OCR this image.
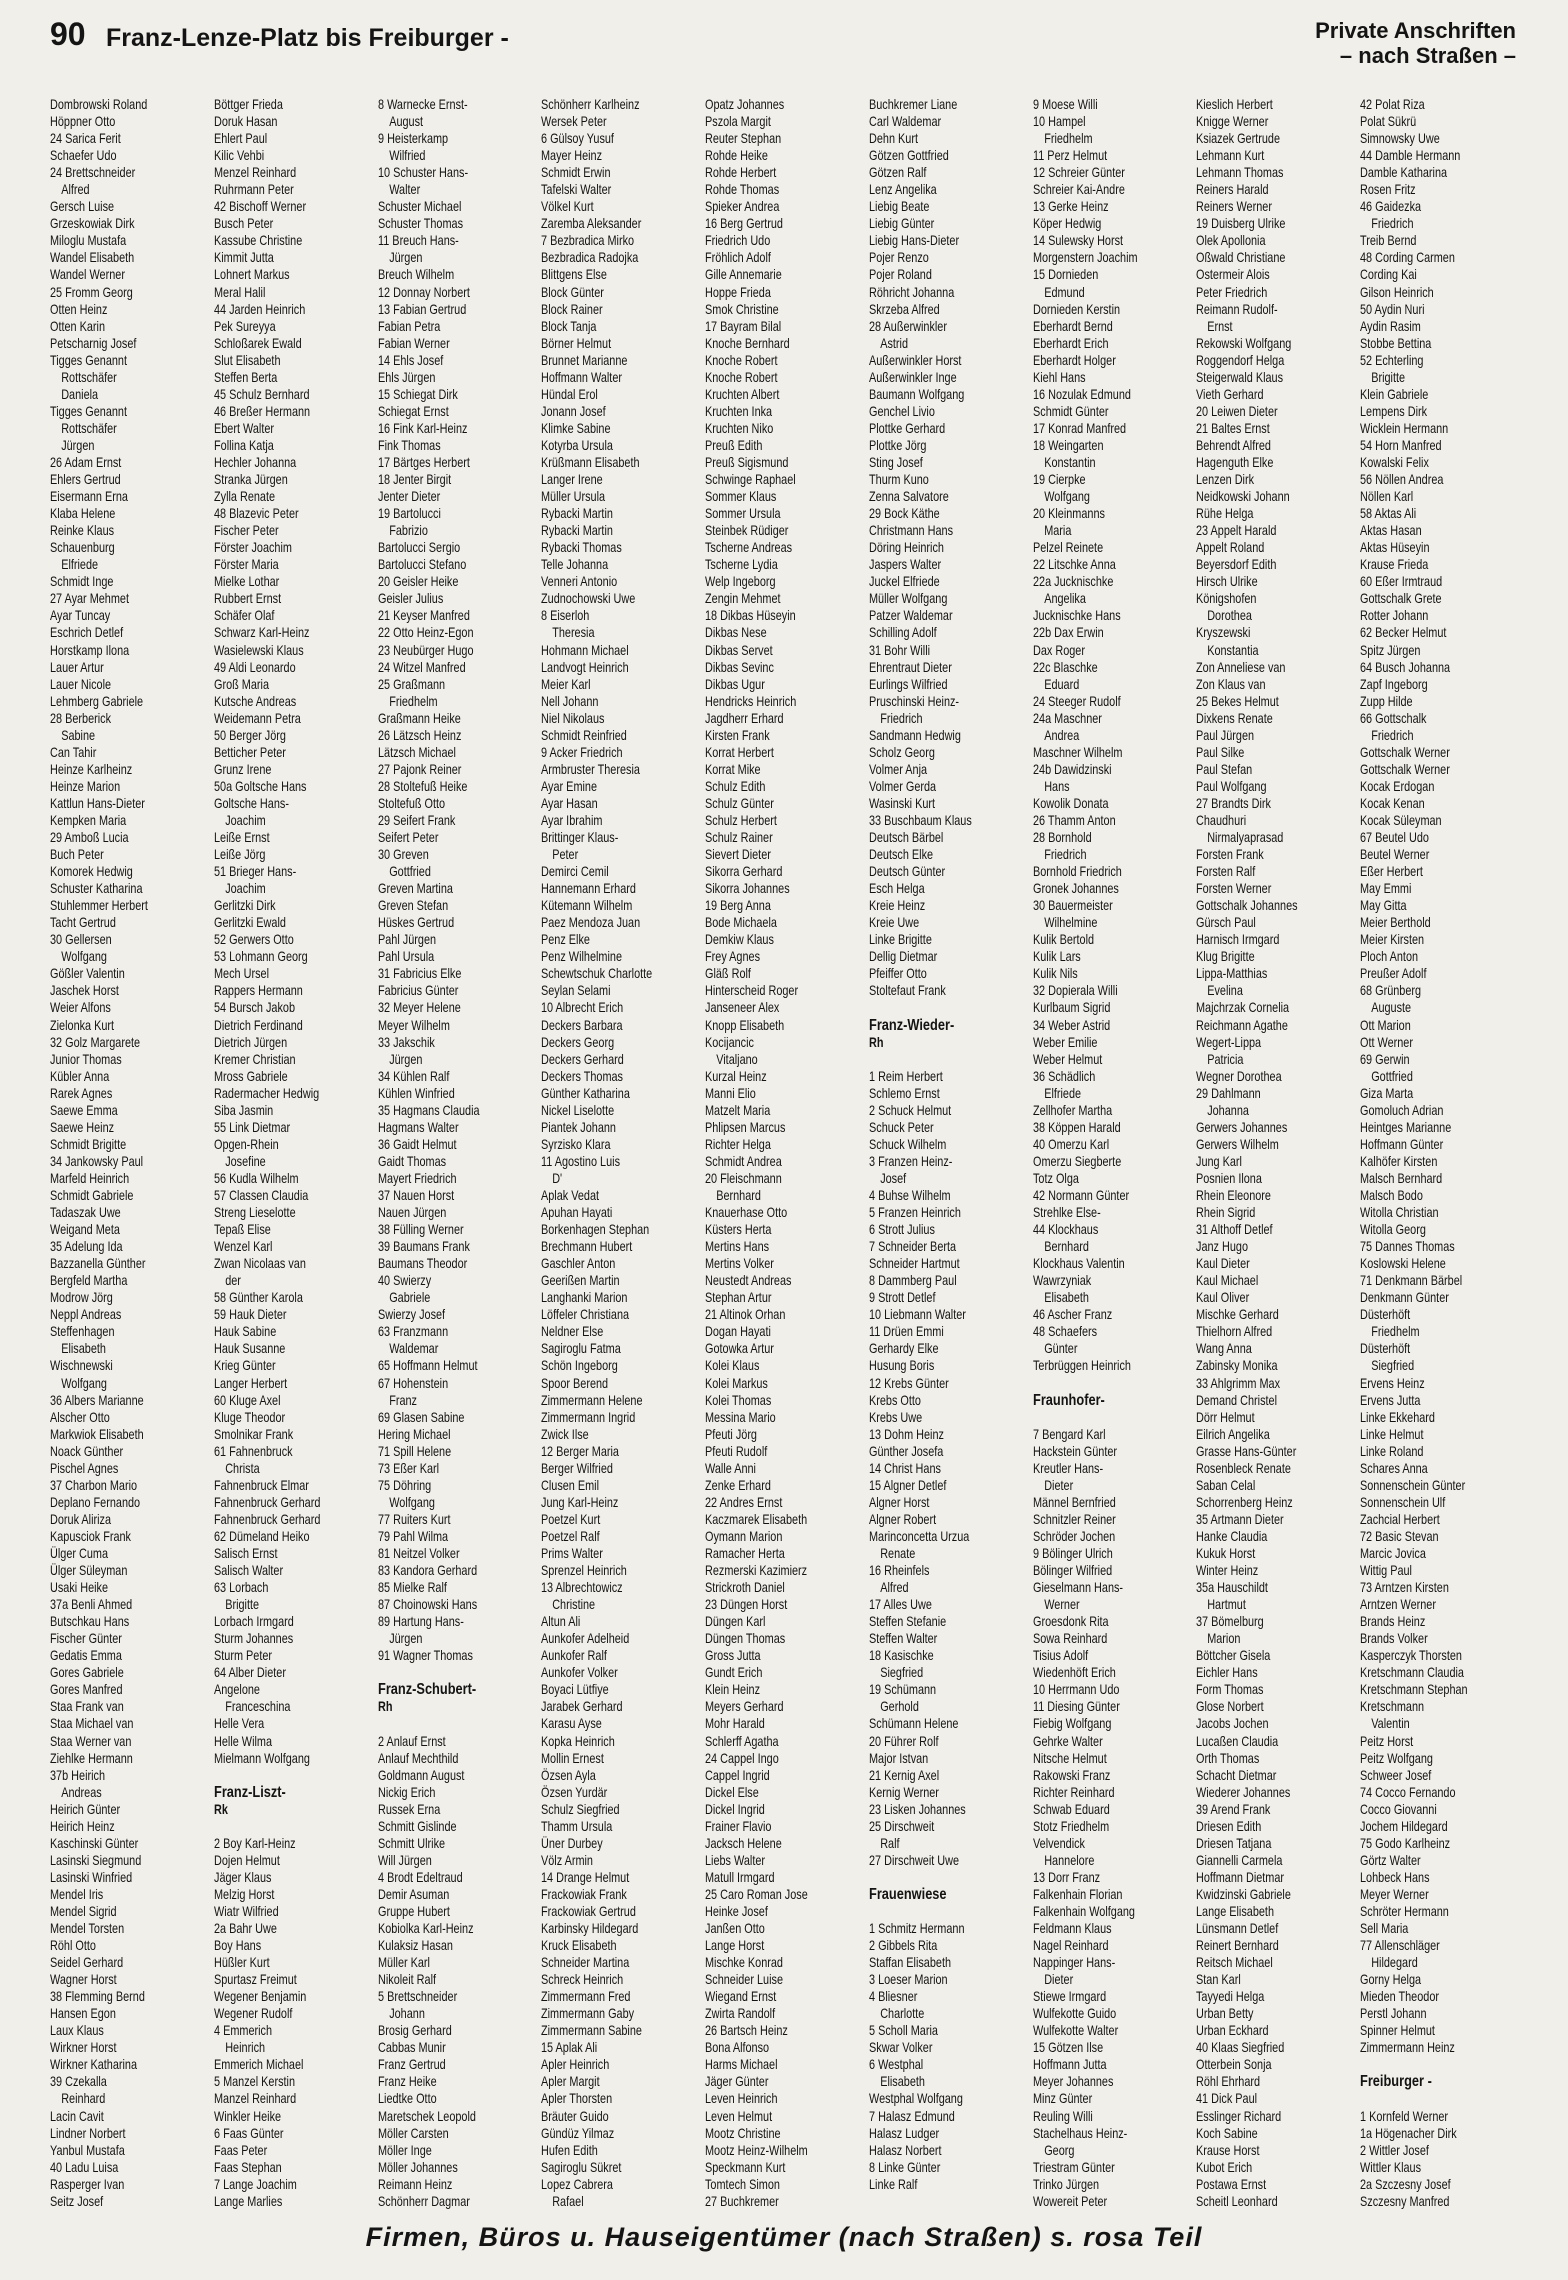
90 Franz-Lenze-Platz bis Freiburger -	Private Anschriften
– nach Straßen –
Dombrowski Roland
Höppner Otto
24 Sarica Ferit
Schaefer Udo
24 Brettschneider
Alfred
Gersch Luise
Grzeskowiak Dirk
Miloglu Mustafa
Wandel Elisabeth
Wandel Werner
25 Fromm Georg
Otten Heinz
Otten Karin
Petscharnig Josef
Tigges Genannt
Rottschäfer
Daniela
Tigges Genannt
Rottschäfer
Jürgen
26 Adam Ernst
Ehlers Gertrud
Eisermann Erna
Klaba Helene
Reinke Klaus
Schauenburg
Elfriede
Schmidt Inge
27 Ayar Mehmet
Ayar Tuncay
Eschrich Detlef
Horstkamp Ilona
Lauer Artur
Lauer Nicole
Lehmberg Gabriele
28 Berberick
Sabine
Can Tahir
Heinze Karlheinz
Heinze Marion
Kattlun Hans-Dieter
Kempken Maria
29 Amboß Lucia
Buch Peter
Komorek Hedwig
Schuster Katharina
Stuhlemmer Herbert
Tacht Gertrud
30 Gellersen
Wolfgang
Gößler Valentin
Jaschek Horst
Weier Alfons
Zielonka Kurt
32 Golz Margarete
Junior Thomas
Kübler Anna
Rarek Agnes
Saewe Emma
Saewe Heinz
Schmidt Brigitte
34 Jankowsky Paul
Marfeld Heinrich
Schmidt Gabriele
Tadaszak Uwe
Weigand Meta
35 Adelung Ida
Bazzanella Günther
Bergfeld Martha
Modrow Jörg
Neppl Andreas
Steffenhagen
Elisabeth
Wischnewski
Wolfgang
36 Albers Marianne
Alscher Otto
Markwiok Elisabeth
Noack Günther
Pischel Agnes
37 Charbon Mario
Deplano Fernando
Doruk Aliriza
Kapusciok Frank
Ülger Cuma
Ülger Süleyman
Usaki Heike
37a Benli Ahmed
Butschkau Hans
Fischer Günter
Gedatis Emma
Gores Gabriele
Gores Manfred
Staa Frank van
Staa Michael van
Staa Werner van
Ziehlke Hermann
37b Heirich
Andreas
Heirich Günter
Heirich Heinz
Kaschinski Günter
Lasinski Siegmund
Lasinski Winfried
Mendel Iris
Mendel Sigrid
Mendel Torsten
Röhl Otto
Seidel Gerhard
Wagner Horst
38 Flemming Bernd
Hansen Egon
Laux Klaus
Wirkner Horst
Wirkner Katharina
39 Czekalla
Reinhard
Lacin Cavit
Lindner Norbert
Yanbul Mustafa
40 Ladu Luisa
Rasperger Ivan
Seitz Josef
Böttger Frieda
Doruk Hasan
Ehlert Paul
Kilic Vehbi
Menzel Reinhard
Ruhrmann Peter
42 Bischoff Werner
Busch Peter
Kassube Christine
Kimmit Jutta
Lohnert Markus
Meral Halil
44 Jarden Heinrich
Pek Sureyya
Schloßarek Ewald
Slut Elisabeth
Steffen Berta
45 Schulz Bernhard
46 Breßer Hermann
Ebert Walter
Follina Katja
Hechler Johanna
Stranka Jürgen
Zylla Renate
48 Blazevic Peter
Fischer Peter
Förster Joachim
Förster Maria
Mielke Lothar
Rubbert Ernst
Schäfer Olaf
Schwarz Karl-Heinz
Wasielewski Klaus
49 Aldi Leonardo
Groß Maria
Kutsche Andreas
Weidemann Petra
50 Berger Jörg
Betticher Peter
Grunz Irene
50a Goltsche Hans
Goltsche Hans-
Joachim
Leiße Ernst
Leiße Jörg
51 Brieger Hans-
Joachim
Gerlitzki Dirk
Gerlitzki Ewald
52 Gerwers Otto
53 Lohmann Georg
Mech Ursel
Rappers Hermann
54 Bursch Jakob
Dietrich Ferdinand
Dietrich Jürgen
Kremer Christian
Mross Gabriele
Radermacher Hedwig
Siba Jasmin
55 Link Dietmar
Opgen-Rhein
Josefine
56 Kudla Wilhelm
57 Classen Claudia
Streng Lieselotte
Tepaß Elise
Wenzel Karl
Zwan Nicolaas van
der
58 Günther Karola
59 Hauk Dieter
Hauk Sabine
Hauk Susanne
Krieg Günter
Langer Herbert
60 Kluge Axel
Kluge Theodor
Smolnikar Frank
61 Fahnenbruck
Christa
Fahnenbruck Elmar
Fahnenbruck Gerhard
Fahnenbruck Gerhard
62 Dümeland Heiko
Salisch Ernst
Salisch Walter
63 Lorbach
Brigitte
Lorbach Irmgard
Sturm Johannes
Sturm Peter
64 Alber Dieter
Angelone
Franceschina
Helle Vera
Helle Wilma
Mielmann Wolfgang
Franz-Liszt-
Rk
2 Boy Karl-Heinz
Dojen Helmut
Jäger Klaus
Melzig Horst
Wiatr Wilfried
2a Bahr Uwe
Boy Hans
Hüßler Kurt
Spurtasz Freimut
Wegener Benjamin
Wegener Rudolf
4 Emmerich
Heinrich
Emmerich Michael
5 Manzel Kerstin
Manzel Reinhard
Winkler Heike
6 Faas Günter
Faas Peter
Faas Stephan
7 Lange Joachim
Lange Marlies
8 Warnecke Ernst-
August
9 Heisterkamp
Wilfried
10 Schuster Hans-
Walter
Schuster Michael
Schuster Thomas
11 Breuch Hans-
Jürgen
Breuch Wilhelm
12 Donnay Norbert
13 Fabian Gertrud
Fabian Petra
Fabian Werner
14 Ehls Josef
Ehls Jürgen
15 Schiegat Dirk
Schiegat Ernst
16 Fink Karl-Heinz
Fink Thomas
17 Bärtges Herbert
18 Jenter Birgit
Jenter Dieter
19 Bartolucci
Fabrizio
Bartolucci Sergio
Bartolucci Stefano
20 Geisler Heike
Geisler Julius
21 Keyser Manfred
22 Otto Heinz-Egon
23 Neubürger Hugo
24 Witzel Manfred
25 Graßmann
Friedhelm
Graßmann Heike
26 Lätzsch Heinz
Lätzsch Michael
27 Pajonk Reiner
28 Stoltefuß Heike
Stoltefuß Otto
29 Seifert Frank
Seifert Peter
30 Greven
Gottfried
Greven Martina
Greven Stefan
Hüskes Gertrud
Pahl Jürgen
Pahl Ursula
31 Fabricius Elke
Fabricius Günter
32 Meyer Helene
Meyer Wilhelm
33 Jakschik
Jürgen
34 Kühlen Ralf
Kühlen Winfried
35 Hagmans Claudia
Hagmans Walter
36 Gaidt Helmut
Gaidt Thomas
Mayert Friedrich
37 Nauen Horst
Nauen Jürgen
38 Fülling Werner
39 Baumans Frank
Baumans Theodor
40 Swierzy
Gabriele
Swierzy Josef
63 Franzmann
Waldemar
65 Hoffmann Helmut
67 Hohenstein
Franz
69 Glasen Sabine
Hering Michael
71 Spill Helene
73 Eßer Karl
75 Döhring
Wolfgang
77 Ruiters Kurt
79 Pahl Wilma
81 Neitzel Volker
83 Kandora Gerhard
85 Mielke Ralf
87 Choinowski Hans
89 Hartung Hans-
Jürgen
91 Wagner Thomas
Franz-Schubert-
Rh
2 Anlauf Ernst
Anlauf Mechthild
Goldmann August
Nickig Erich
Russek Erna
Schmitt Gislinde
Schmitt Ulrike
Will Jürgen
4 Brodt Edeltraud
Demir Asuman
Gruppe Hubert
Kobiolka Karl-Heinz
Kulaksiz Hasan
Müller Karl
Nikoleit Ralf
5 Brettschneider
Johann
Brosig Gerhard
Cabbas Munir
Franz Gertrud
Franz Heike
Liedtke Otto
Maretschek Leopold
Möller Carsten
Möller Inge
Möller Johannes
Reimann Heinz
Schönherr Dagmar
Schönherr Karlheinz
Wersek Peter
6 Gülsoy Yusuf
Mayer Heinz
Schmidt Erwin
Tafelski Walter
Völkel Kurt
Zaremba Aleksander
7 Bezbradica Mirko
Bezbradica Radojka
Blittgens Else
Block Günter
Block Rainer
Block Tanja
Börner Helmut
Brunnet Marianne
Hoffmann Walter
Hündal Erol
Jonann Josef
Klimke Sabine
Kotyrba Ursula
Krüßmann Elisabeth
Langer Irene
Müller Ursula
Rybacki Martin
Rybacki Martin
Rybacki Thomas
Telle Johanna
Venneri Antonio
Zudnochowski Uwe
8 Eiserloh
Theresia
Hohmann Michael
Landvogt Heinrich
Meier Karl
Nell Johann
Niel Nikolaus
Schmidt Reinfried
9 Acker Friedrich
Armbruster Theresia
Ayar Emine
Ayar Hasan
Ayar Ibrahim
Brittinger Klaus-
Peter
Demirci Cemil
Hannemann Erhard
Kütemann Wilhelm
Paez Mendoza Juan
Penz Elke
Penz Wilhelmine
Schewtschuk Charlotte
Seylan Selami
10 Albrecht Erich
Deckers Barbara
Deckers Georg
Deckers Gerhard
Deckers Thomas
Günther Katharina
Nickel Liselotte
Piantek Johann
Syrzisko Klara
11 Agostino Luis
D'
Aplak Vedat
Apuhan Hayati
Borkenhagen Stephan
Brechmann Hubert
Gaschler Anton
Geerißen Martin
Langhanki Marion
Löffeler Christiana
Neldner Else
Sagiroglu Fatma
Schön Ingeborg
Spoor Berend
Zimmermann Helene
Zimmermann Ingrid
Zwick Ilse
12 Berger Maria
Berger Wilfried
Clusen Emil
Jung Karl-Heinz
Poetzel Kurt
Poetzel Ralf
Prims Walter
Sprenzel Heinrich
13 Albrechtowicz
Christine
Altun Ali
Aunkofer Adelheid
Aunkofer Ralf
Aunkofer Volker
Boyaci Lütfiye
Jarabek Gerhard
Karasu Ayse
Kopka Heinrich
Mollin Ernest
Özsen Ayla
Özsen Yurdär
Schulz Siegfried
Thamm Ursula
Üner Durbey
Völz Armin
14 Drange Helmut
Frackowiak Frank
Frackowiak Gertrud
Karbinsky Hildegard
Kruck Elisabeth
Schneider Martina
Schreck Heinrich
Zimmermann Fred
Zimmermann Gaby
Zimmermann Sabine
15 Aplak Ali
Apler Heinrich
Apler Margit
Apler Thorsten
Bräuter Guido
Gündüz Yilmaz
Hufen Edith
Sagiroglu Sükret
Lopez Cabrera
Rafael
Opatz Johannes
Pszola Margit
Reuter Stephan
Rohde Heike
Rohde Herbert
Rohde Thomas
Spieker Andrea
16 Berg Gertrud
Friedrich Udo
Fröhlich Adolf
Gille Annemarie
Hoppe Frieda
Smok Christine
17 Bayram Bilal
Knoche Bernhard
Knoche Robert
Knoche Robert
Kruchten Albert
Kruchten Inka
Kruchten Niko
Preuß Edith
Preuß Sigismund
Schwinge Raphael
Sommer Klaus
Sommer Ursula
Steinbek Rüdiger
Tscherne Andreas
Tscherne Lydia
Welp Ingeborg
Zengin Mehmet
18 Dikbas Hüseyin
Dikbas Nese
Dikbas Servet
Dikbas Sevinc
Dikbas Ugur
Hendricks Heinrich
Jagdherr Erhard
Kirsten Frank
Korrat Herbert
Korrat Mike
Schulz Edith
Schulz Günter
Schulz Herbert
Schulz Rainer
Sievert Dieter
Sikorra Gerhard
Sikorra Johannes
19 Berg Anna
Bode Michaela
Demkiw Klaus
Frey Agnes
Gläß Rolf
Hinterscheid Roger
Janseneer Alex
Knopp Elisabeth
Kocijancic
Vitaljano
Kurzal Heinz
Manni Elio
Matzelt Maria
Phlipsen Marcus
Richter Helga
Schmidt Andrea
20 Fleischmann
Bernhard
Knauerhase Otto
Küsters Herta
Mertins Hans
Mertins Volker
Neustedt Andreas
Stephan Artur
21 Altinok Orhan
Dogan Hayati
Gotowka Artur
Kolei Klaus
Kolei Markus
Kolei Thomas
Messina Mario
Pfeuti Jörg
Pfeuti Rudolf
Walle Anni
Zenke Erhard
22 Andres Ernst
Kaczmarek Elisabeth
Oymann Marion
Ramacher Herta
Rezmerski Kazimierz
Strickroth Daniel
23 Düngen Horst
Düngen Karl
Düngen Thomas
Gross Jutta
Gundt Erich
Klein Heinz
Meyers Gerhard
Mohr Harald
Schlerff Agatha
24 Cappel Ingo
Cappel Ingrid
Dickel Else
Dickel Ingrid
Frainer Flavio
Jacksch Helene
Liebs Walter
Matull Irmgard
25 Caro Roman Jose
Heinke Josef
Janßen Otto
Lange Horst
Mischke Konrad
Schneider Luise
Wiegand Ernst
Zwirta Randolf
26 Bartsch Heinz
Bona Alfonso
Harms Michael
Jäger Günter
Leven Heinrich
Leven Helmut
Mootz Christine
Mootz Heinz-Wilhelm
Speckmann Kurt
Tomtech Simon
27 Buchkremer
Buchkremer Liane
Carl Waldemar
Dehn Kurt
Götzen Gottfried
Götzen Ralf
Lenz Angelika
Liebig Beate
Liebig Günter
Liebig Hans-Dieter
Pojer Renzo
Pojer Roland
Röhricht Johanna
Skrzeba Alfred
28 Außerwinkler
Astrid
Außerwinkler Horst
Außerwinkler Inge
Baumann Wolfgang
Genchel Livio
Plottke Gerhard
Plottke Jörg
Sting Josef
Thurm Kuno
Zenna Salvatore
29 Bock Käthe
Christmann Hans
Döring Heinrich
Jaspers Walter
Juckel Elfriede
Müller Wolfgang
Patzer Waldemar
Schilling Adolf
31 Bohr Willi
Ehrentraut Dieter
Eurlings Wilfried
Pruschinski Heinz-
Friedrich
Sandmann Hedwig
Scholz Georg
Volmer Anja
Volmer Gerda
Wasinski Kurt
33 Buschbaum Klaus
Deutsch Bärbel
Deutsch Elke
Deutsch Günter
Esch Helga
Kreie Heinz
Kreie Uwe
Linke Brigitte
Dellig Dietmar
Pfeiffer Otto
Stoltefaut Frank
Franz-Wieder-
Rh
1 Reim Herbert
Schlemo Ernst
2 Schuck Helmut
Schuck Peter
Schuck Wilhelm
3 Franzen Heinz-
Josef
4 Buhse Wilhelm
5 Franzen Heinrich
6 Strott Julius
7 Schneider Berta
Schneider Hartmut
8 Dammberg Paul
9 Strott Detlef
10 Liebmann Walter
11 Drüen Emmi
Gerhardy Elke
Husung Boris
12 Krebs Günter
Krebs Otto
Krebs Uwe
13 Dohm Heinz
Günther Josefa
14 Christ Hans
15 Algner Detlef
Algner Horst
Algner Robert
Marinconcetta Urzua
Renate
16 Rheinfels
Alfred
17 Alles Uwe
Steffen Stefanie
Steffen Walter
18 Kasischke
Siegfried
19 Schümann
Gerhold
Schümann Helene
20 Führer Rolf
Major Istvan
21 Kernig Axel
Kernig Werner
23 Lisken Johannes
25 Dirschweit
Ralf
27 Dirschweit Uwe
Frauenwiese
1 Schmitz Hermann
2 Gibbels Rita
Staffan Elisabeth
3 Loeser Marion
4 Bliesner
Charlotte
5 Scholl Maria
Skwar Volker
6 Westphal
Elisabeth
Westphal Wolfgang
7 Halasz Edmund
Halasz Ludger
Halasz Norbert
8 Linke Günter
Linke Ralf
9 Moese Willi
10 Hampel
Friedhelm
11 Perz Helmut
12 Schreier Günter
Schreier Kai-Andre
13 Gerke Heinz
Köper Hedwig
14 Sulewsky Horst
Morgenstern Joachim
15 Dornieden
Edmund
Dornieden Kerstin
Eberhardt Bernd
Eberhardt Erich
Eberhardt Holger
Kiehl Hans
16 Nozulak Edmund
Schmidt Günter
17 Konrad Manfred
18 Weingarten
Konstantin
19 Cierpke
Wolfgang
20 Kleinmanns
Maria
Pelzel Reinete
22 Litschke Anna
22a Jucknischke
Angelika
Jucknischke Hans
22b Dax Erwin
Dax Roger
22c Blaschke
Eduard
24 Steeger Rudolf
24a Maschner
Andrea
Maschner Wilhelm
24b Dawidzinski
Hans
Kowolik Donata
26 Thamm Anton
28 Bornhold
Friedrich
Bornhold Friedrich
Gronek Johannes
30 Bauermeister
Wilhelmine
Kulik Bertold
Kulik Lars
Kulik Nils
32 Dopierala Willi
Kurlbaum Sigrid
34 Weber Astrid
Weber Emilie
Weber Helmut
36 Schädlich
Elfriede
Zellhofer Martha
38 Köppen Harald
40 Omerzu Karl
Omerzu Siegberte
Totz Olga
42 Normann Günter
Strehlke Else-
44 Klockhaus
Bernhard
Klockhaus Valentin
Wawrzyniak
Elisabeth
46 Ascher Franz
48 Schaefers
Günter
Terbrüggen Heinrich
Fraunhofer-
7 Bengard Karl
Hackstein Günter
Kreutler Hans-
Dieter
Männel Bernfried
Schnitzler Reiner
Schröder Jochen
9 Bölinger Ulrich
Bölinger Wilfried
Gieselmann Hans-
Werner
Groesdonk Rita
Sowa Reinhard
Tisius Adolf
Wiedenhöft Erich
10 Herrmann Udo
11 Diesing Günter
Fiebig Wolfgang
Gehrke Walter
Nitsche Helmut
Rakowski Franz
Richter Reinhard
Schwab Eduard
Stotz Friedhelm
Velvendick
Hannelore
13 Dorr Franz
Falkenhain Florian
Falkenhain Wolfgang
Feldmann Klaus
Nagel Reinhard
Nappinger Hans-
Dieter
Stiewe Irmgard
Wulfekotte Guido
Wulfekotte Walter
15 Götzen Ilse
Hoffmann Jutta
Meyer Johannes
Minz Günter
Reuling Willi
Stachelhaus Heinz-
Georg
Triestram Günter
Trinko Jürgen
Wowereit Peter
Kieslich Herbert
Knigge Werner
Ksiazek Gertrude
Lehmann Kurt
Lehmann Thomas
Reiners Harald
Reiners Werner
19 Duisberg Ulrike
Olek Apollonia
Oßwald Christiane
Ostermeir Alois
Peter Friedrich
Reimann Rudolf-
Ernst
Rekowski Wolfgang
Roggendorf Helga
Steigerwald Klaus
Vieth Gerhard
20 Leiwen Dieter
21 Baltes Ernst
Behrendt Alfred
Hagenguth Elke
Lenzen Dirk
Neidkowski Johann
Rühe Helga
23 Appelt Harald
Appelt Roland
Beyersdorf Edith
Hirsch Ulrike
Königshofen
Dorothea
Kryszewski
Konstantia
Zon Anneliese van
Zon Klaus van
25 Bekes Helmut
Dixkens Renate
Paul Jürgen
Paul Silke
Paul Stefan
Paul Wolfgang
27 Brandts Dirk
Chaudhuri
Nirmalyaprasad
Forsten Frank
Forsten Ralf
Forsten Werner
Gottschalk Johannes
Gürsch Paul
Harnisch Irmgard
Klug Brigitte
Lippa-Matthias
Evelina
Majchrzak Cornelia
Reichmann Agathe
Wegert-Lippa
Patricia
Wegner Dorothea
29 Dahlmann
Johanna
Gerwers Johannes
Gerwers Wilhelm
Jung Karl
Posnien Ilona
Rhein Eleonore
Rhein Sigrid
31 Althoff Detlef
Janz Hugo
Kaul Dieter
Kaul Michael
Kaul Oliver
Mischke Gerhard
Thielhorn Alfred
Wang Anna
Zabinsky Monika
33 Ahlgrimm Max
Demand Christel
Dörr Helmut
Eilrich Angelika
Grasse Hans-Günter
Rosenbleck Renate
Saban Celal
Schorrenberg Heinz
35 Artmann Dieter
Hanke Claudia
Kukuk Horst
Winter Heinz
35a Hauschildt
Hartmut
37 Bömelburg
Marion
Böttcher Gisela
Eichler Hans
Form Thomas
Glose Norbert
Jacobs Jochen
Lucaßen Claudia
Orth Thomas
Schacht Dietmar
Wiederer Johannes
39 Arend Frank
Driesen Edith
Driesen Tatjana
Giannelli Carmela
Hoffmann Dietmar
Kwidzinski Gabriele
Lange Elisabeth
Lünsmann Detlef
Reinert Bernhard
Reitsch Michael
Stan Karl
Tayyedi Helga
Urban Betty
Urban Eckhard
40 Klaas Siegfried
Otterbein Sonja
Röhl Ehrhard
41 Dick Paul
Esslinger Richard
Koch Sabine
Krause Horst
Kubot Erich
Postawa Ernst
Scheitl Leonhard
42 Polat Riza
Polat Sükrü
Simnowsky Uwe
44 Damble Hermann
Damble Katharina
Rosen Fritz
46 Gaidezka
Friedrich
Treib Bernd
48 Cording Carmen
Cording Kai
Gilson Heinrich
50 Aydin Nuri
Aydin Rasim
Stobbe Bettina
52 Echterling
Brigitte
Klein Gabriele
Lempens Dirk
Wicklein Hermann
54 Horn Manfred
Kowalski Felix
56 Nöllen Andrea
Nöllen Karl
58 Aktas Ali
Aktas Hasan
Aktas Hüseyin
Krause Frieda
60 Eßer Irmtraud
Gottschalk Grete
Rotter Johann
62 Becker Helmut
Spitz Jürgen
64 Busch Johanna
Zapf Ingeborg
Zupp Hilde
66 Gottschalk
Friedrich
Gottschalk Werner
Gottschalk Werner
Kocak Erdogan
Kocak Kenan
Kocak Süleyman
67 Beutel Udo
Beutel Werner
Eßer Herbert
May Emmi
May Gitta
Meier Berthold
Meier Kirsten
Ploch Anton
Preußer Adolf
68 Grünberg
Auguste
Ott Marion
Ott Werner
69 Gerwin
Gottfried
Giza Marta
Gomoluch Adrian
Heintges Marianne
Hoffmann Günter
Kalhöfer Kirsten
Malsch Bernhard
Malsch Bodo
Witolla Christian
Witolla Georg
75 Dannes Thomas
Koslowski Helene
71 Denkmann Bärbel
Denkmann Günter
Düsterhöft
Friedhelm
Düsterhöft
Siegfried
Ervens Heinz
Ervens Jutta
Linke Ekkehard
Linke Helmut
Linke Roland
Schares Anna
Sonnenschein Günter
Sonnenschein Ulf
Zachcial Herbert
72 Basic Stevan
Marcic Jovica
Wittig Paul
73 Arntzen Kirsten
Arntzen Werner
Brands Heinz
Brands Volker
Kasperczyk Thorsten
Kretschmann Claudia
Kretschmann Stephan
Kretschmann
Valentin
Peitz Horst
Peitz Wolfgang
Schweer Josef
74 Cocco Fernando
Cocco Giovanni
Jochem Hildegard
75 Godo Karlheinz
Görtz Walter
Lohbeck Hans
Meyer Werner
Schröter Hermann
Sell Maria
77 Allenschläger
Hildegard
Gorny Helga
Mieden Theodor
Perstl Johann
Spinner Helmut
Zimmermann Heinz
Freiburger -
1 Kornfeld Werner
1a Högenacher Dirk
2 Wittler Josef
Wittler Klaus
2a Szczesny Josef
Szczesny Manfred
Firmen, Büros u. Hauseigentümer (nach Straßen) s. rosa Teil
